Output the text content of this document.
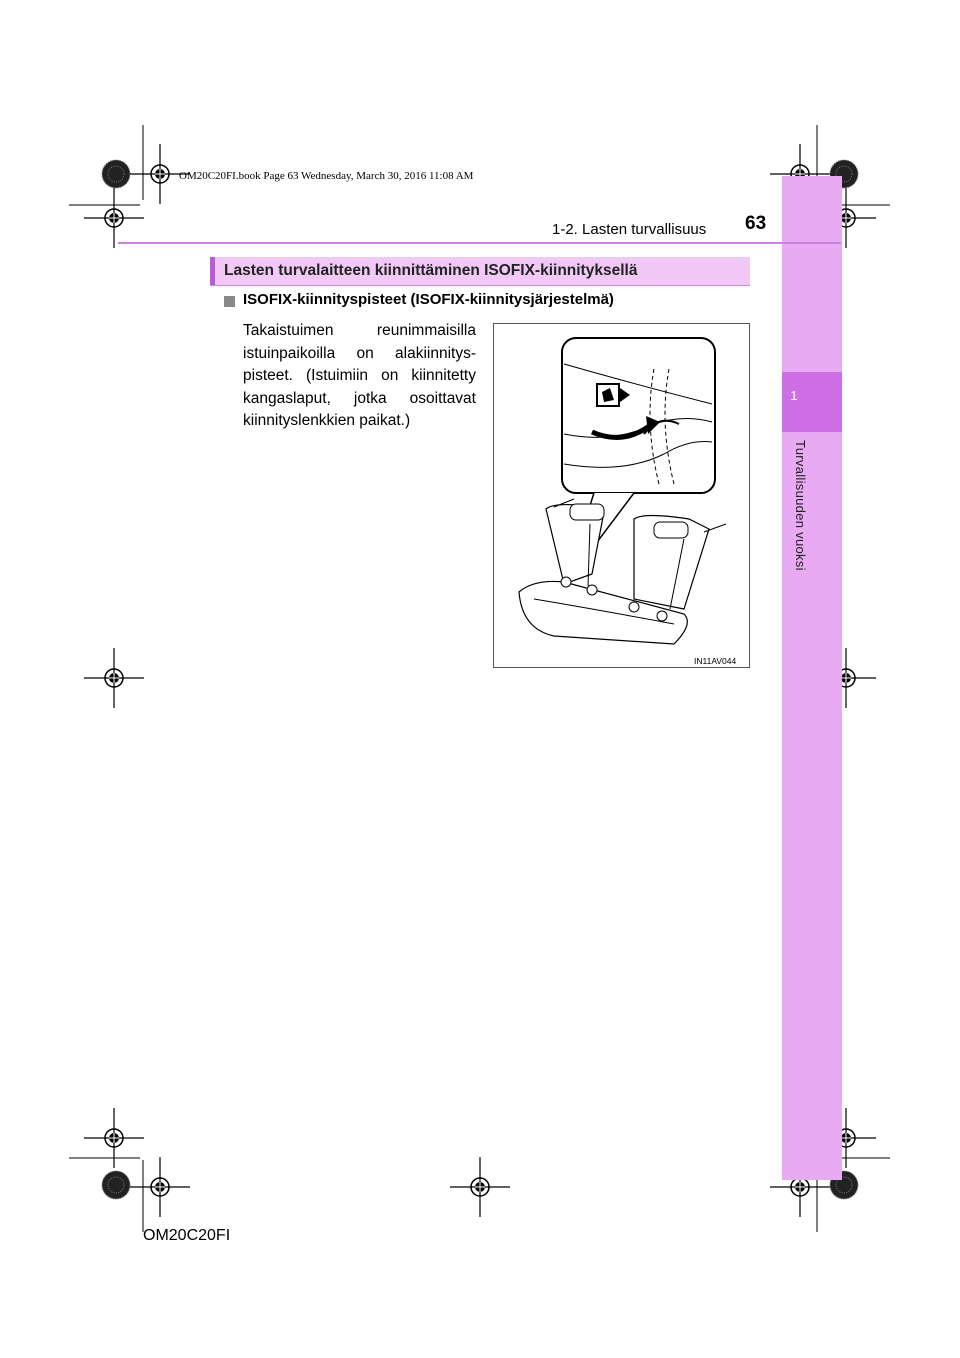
1
Turvallisuuden vuoksi
OM20C20FI.book Page 63 Wednesday, March 30, 2016 11:08 AM
1-2. Lasten turvallisuus 63
Lasten turvalaitteen kiinnittäminen ISOFIX-kiinnityksellä
ISOFIX-kiinnityspisteet (ISOFIX-kiinnitysjärjestelmä)
Takaistuimen reunimmaisilla istuinpaikoilla on alakiinnitys-pisteet. (Istuimiin on kiinnitetty kangaslaput, jotka osoittavat kiinnityslenkkien paikat.)
IN11AV044
OM20C20FI
